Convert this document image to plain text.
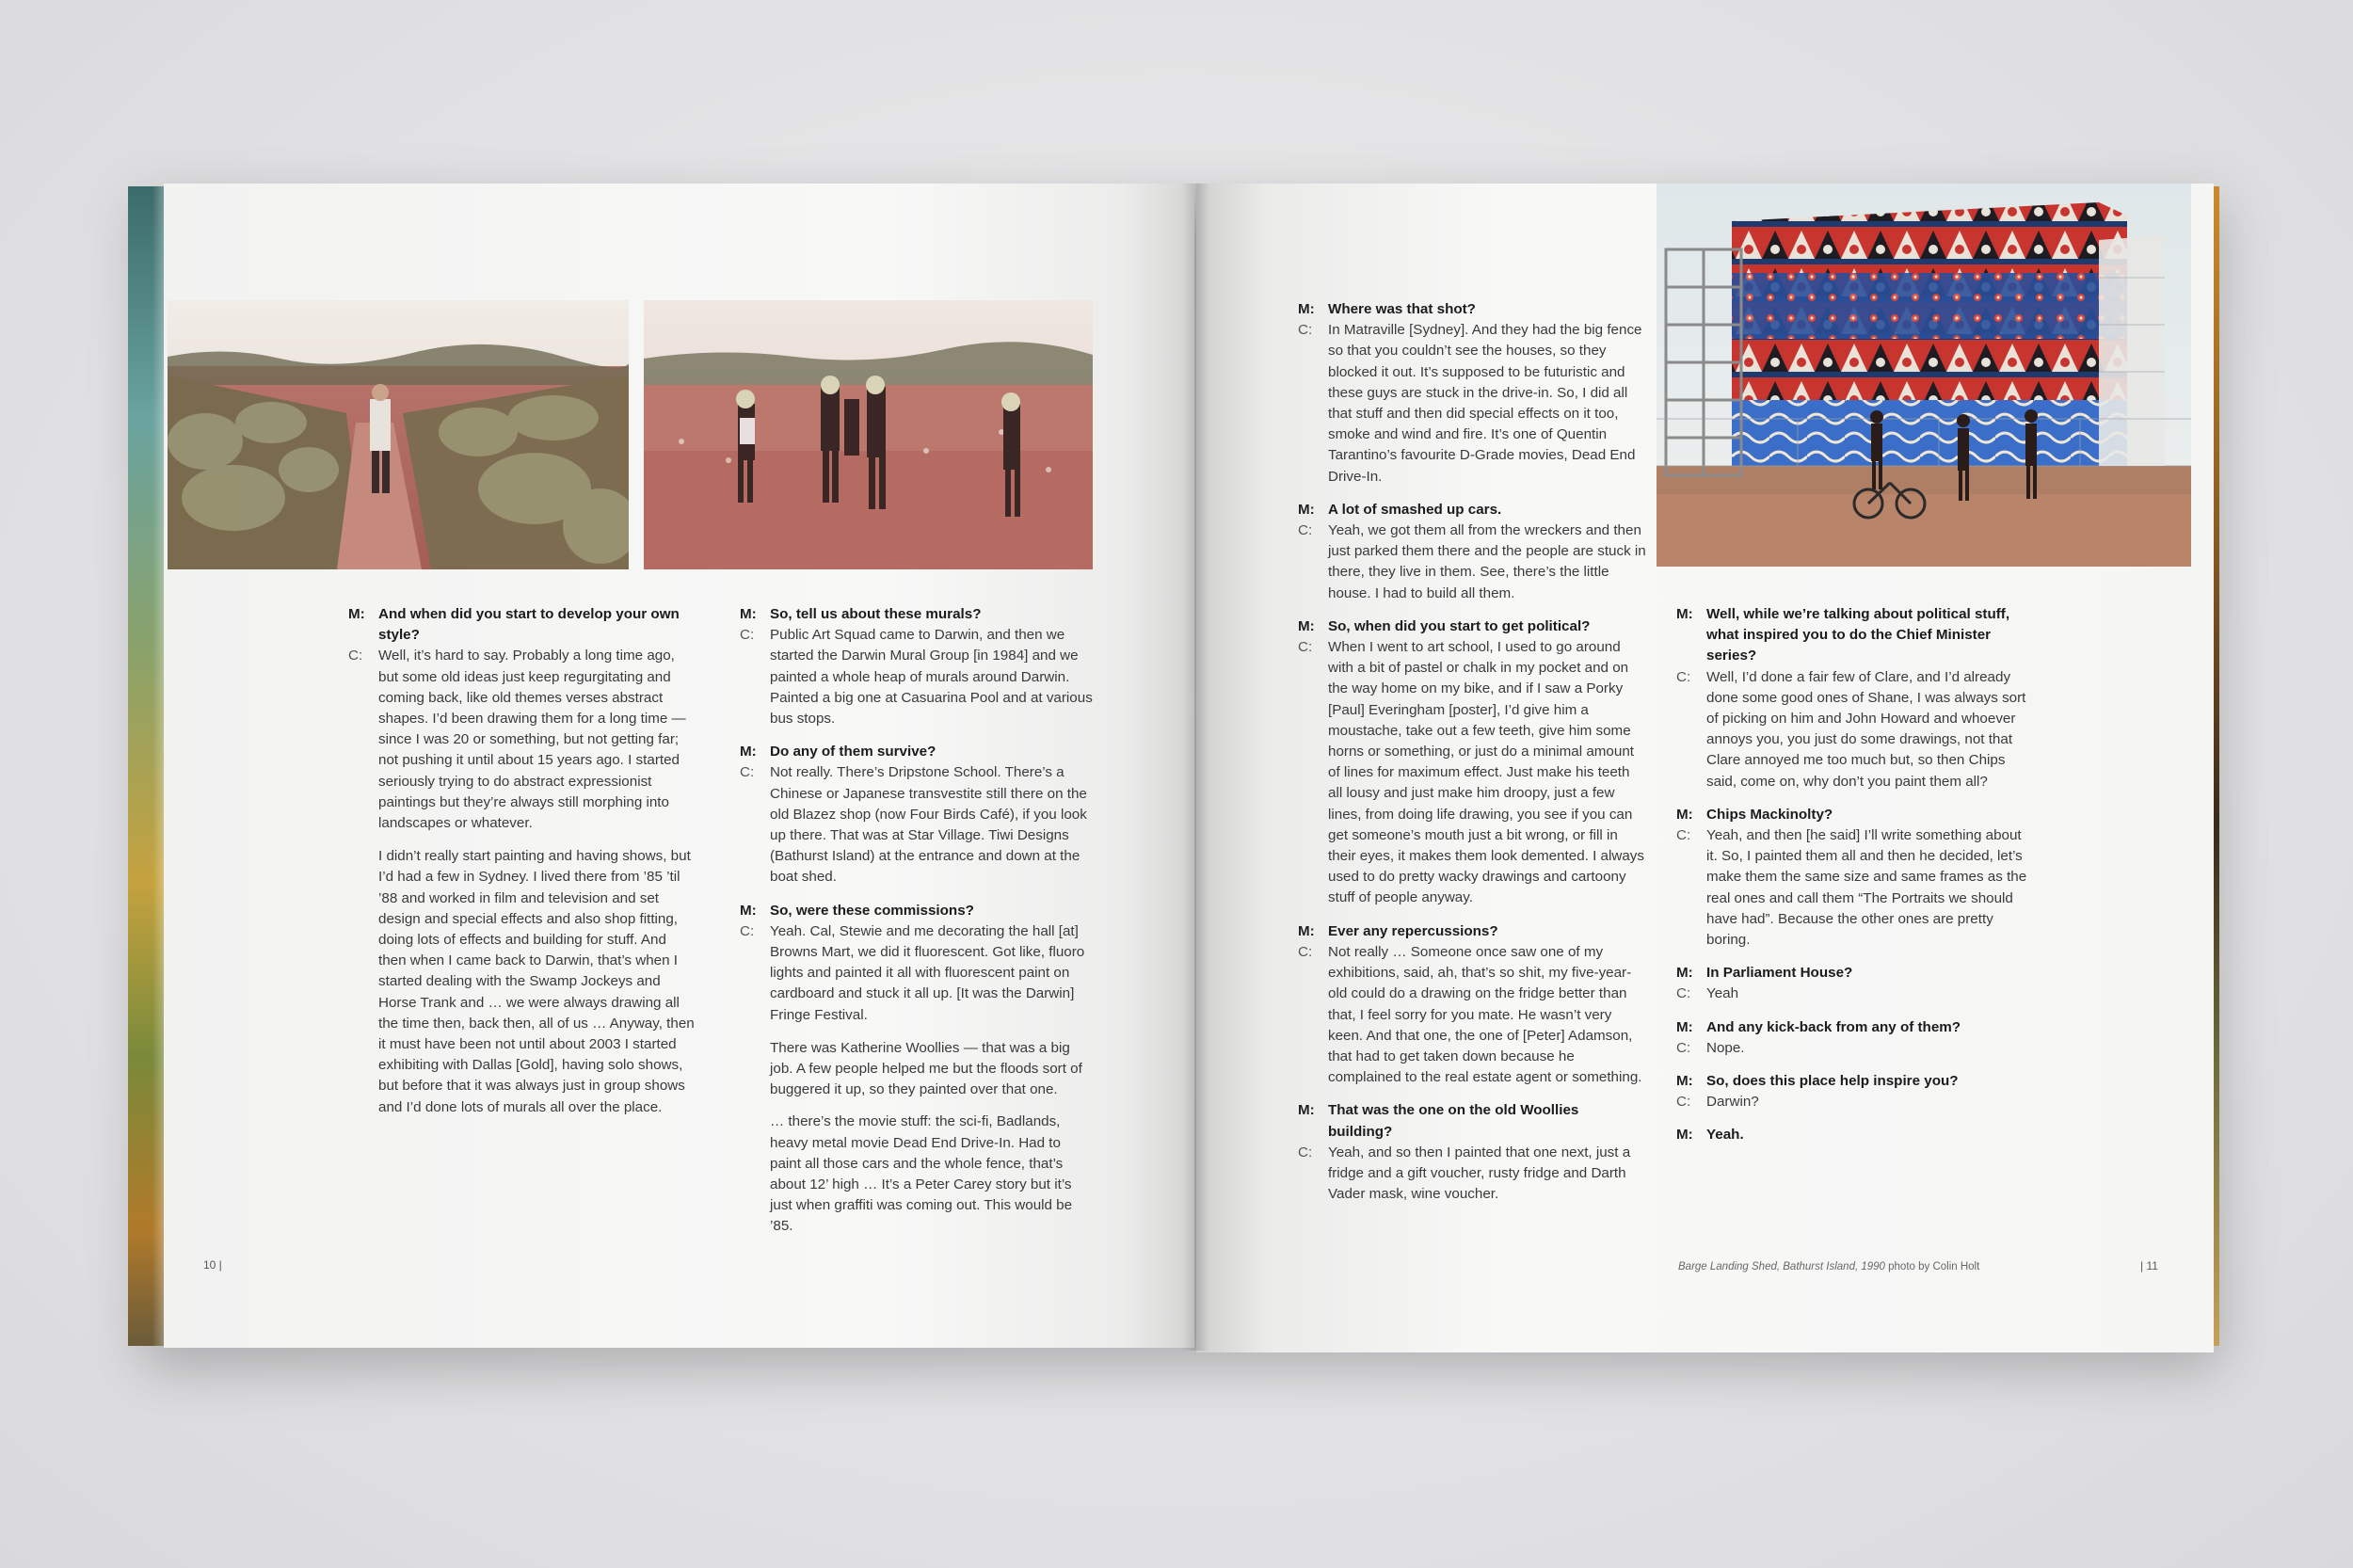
M: And when did you start to develop your own style?
C:	Well, it’s hard to say. Probably a long time ago, but some old ideas just keep regurgitating and coming back, like old themes verses abstract shapes. I’d been drawing them for a long time — since I was 20 or something, but not getting far; not pushing it until about 15 years ago. I started seriously trying to do abstract expressionist paintings but they’re always still morphing into landscapes or whatever.
I didn’t really start painting and having shows, but I’d had a few in Sydney. I lived there from ’85 ’til ’88 and worked in film and television and set design and special effects and also shop fitting, doing lots of effects and building for stuff. And then when I came back to Darwin, that’s when I started dealing with the Swamp Jockeys and Horse Trank and … we were always drawing all the time then, back then, all of us … Anyway, then it must have been not until about 2003 I started exhibiting with Dallas [Gold], having solo shows, but before that it was always just in group shows and I’d done lots of murals all over the place.
M: So, tell us about these murals?
C:	Public Art Squad came to Darwin, and then we started the Darwin Mural Group [in 1984] and we painted a whole heap of murals around Darwin. Painted a big one at Casuarina Pool and at various bus stops.
M: Do any of them survive?
C:	Not really. There’s Dripstone School. There’s a Chinese or Japanese transvestite still there on the old Blazez shop (now Four Birds Café), if you look up there. That was at Star Village. Tiwi Designs (Bathurst Island) at the entrance and down at the boat shed.
M: So, were these commissions?
C:	Yeah. Cal, Stewie and me decorating the hall [at] Browns Mart, we did it fluorescent. Got like, fluoro lights and painted it all with fluorescent paint on cardboard and stuck it all up. [It was the Darwin] Fringe Festival.
There was Katherine Woollies — that was a big job. A few people helped me but the floods sort of buggered it up, so they painted over that one.
… there’s the movie stuff: the sci-fi, Badlands, heavy metal movie Dead End Drive-In. Had to paint all those cars and the whole fence, that’s about 12’ high … It’s a Peter Carey story but it’s just when graffiti was coming out. This would be ’85.
10 |
M: Where was that shot?
C:	In Matraville [Sydney]. And they had the big fence so that you couldn’t see the houses, so they blocked it out. It’s supposed to be futuristic and these guys are stuck in the drive-in. So, I did all that stuff and then did special effects on it too, smoke and wind and fire. It’s one of Quentin Tarantino’s favourite D-Grade movies, Dead End Drive-In.
M: A lot of smashed up cars.
C:	Yeah, we got them all from the wreckers and then just parked them there and the people are stuck in there, they live in them. See, there’s the little house. I had to build all them.
M: So, when did you start to get political?
C:	When I went to art school, I used to go around with a bit of pastel or chalk in my pocket and on the way home on my bike, and if I saw a Porky [Paul] Everingham [poster], I’d give him a moustache, take out a few teeth, give him some horns or something, or just do a minimal amount of lines for maximum effect. Just make his teeth all lousy and just make him droopy, just a few lines, from doing life drawing, you see if you can get someone’s mouth just a bit wrong, or fill in their eyes, it makes them look demented. I always used to do pretty wacky drawings and cartoony stuff of people anyway.
M: Ever any repercussions?
C:	Not really … Someone once saw one of my exhibitions, said, ah, that’s so shit, my five-year-old could do a drawing on the fridge better than that, I feel sorry for you mate. He wasn’t very keen. And that one, the one of [Peter] Adamson, that had to get taken down because he complained to the real estate agent or something.
M: That was the one on the old Woollies building?
C:	Yeah, and so then I painted that one next, just a fridge and a gift voucher, rusty fridge and Darth Vader mask, wine voucher.
M: Well, while we’re talking about political stuff, what inspired you to do the Chief Minister series?
C:	Well, I’d done a fair few of Clare, and I’d already done some good ones of Shane, I was always sort of picking on him and John Howard and whoever annoys you, you just do some drawings, not that Clare annoyed me too much but, so then Chips said, come on, why don’t you paint them all?
M: Chips Mackinolty?
C:	Yeah, and then [he said] I’ll write something about it. So, I painted them all and then he decided, let’s make them the same size and same frames as the real ones and call them “The Portraits we should have had”. Because the other ones are pretty boring.
M: In Parliament House?
C:	Yeah
M: And any kick-back from any of them?
C:	Nope.
M: So, does this place help inspire you?
C:	Darwin?
M: Yeah.
Barge Landing Shed, Bathurst Island, 1990 photo by Colin Holt	| 11
